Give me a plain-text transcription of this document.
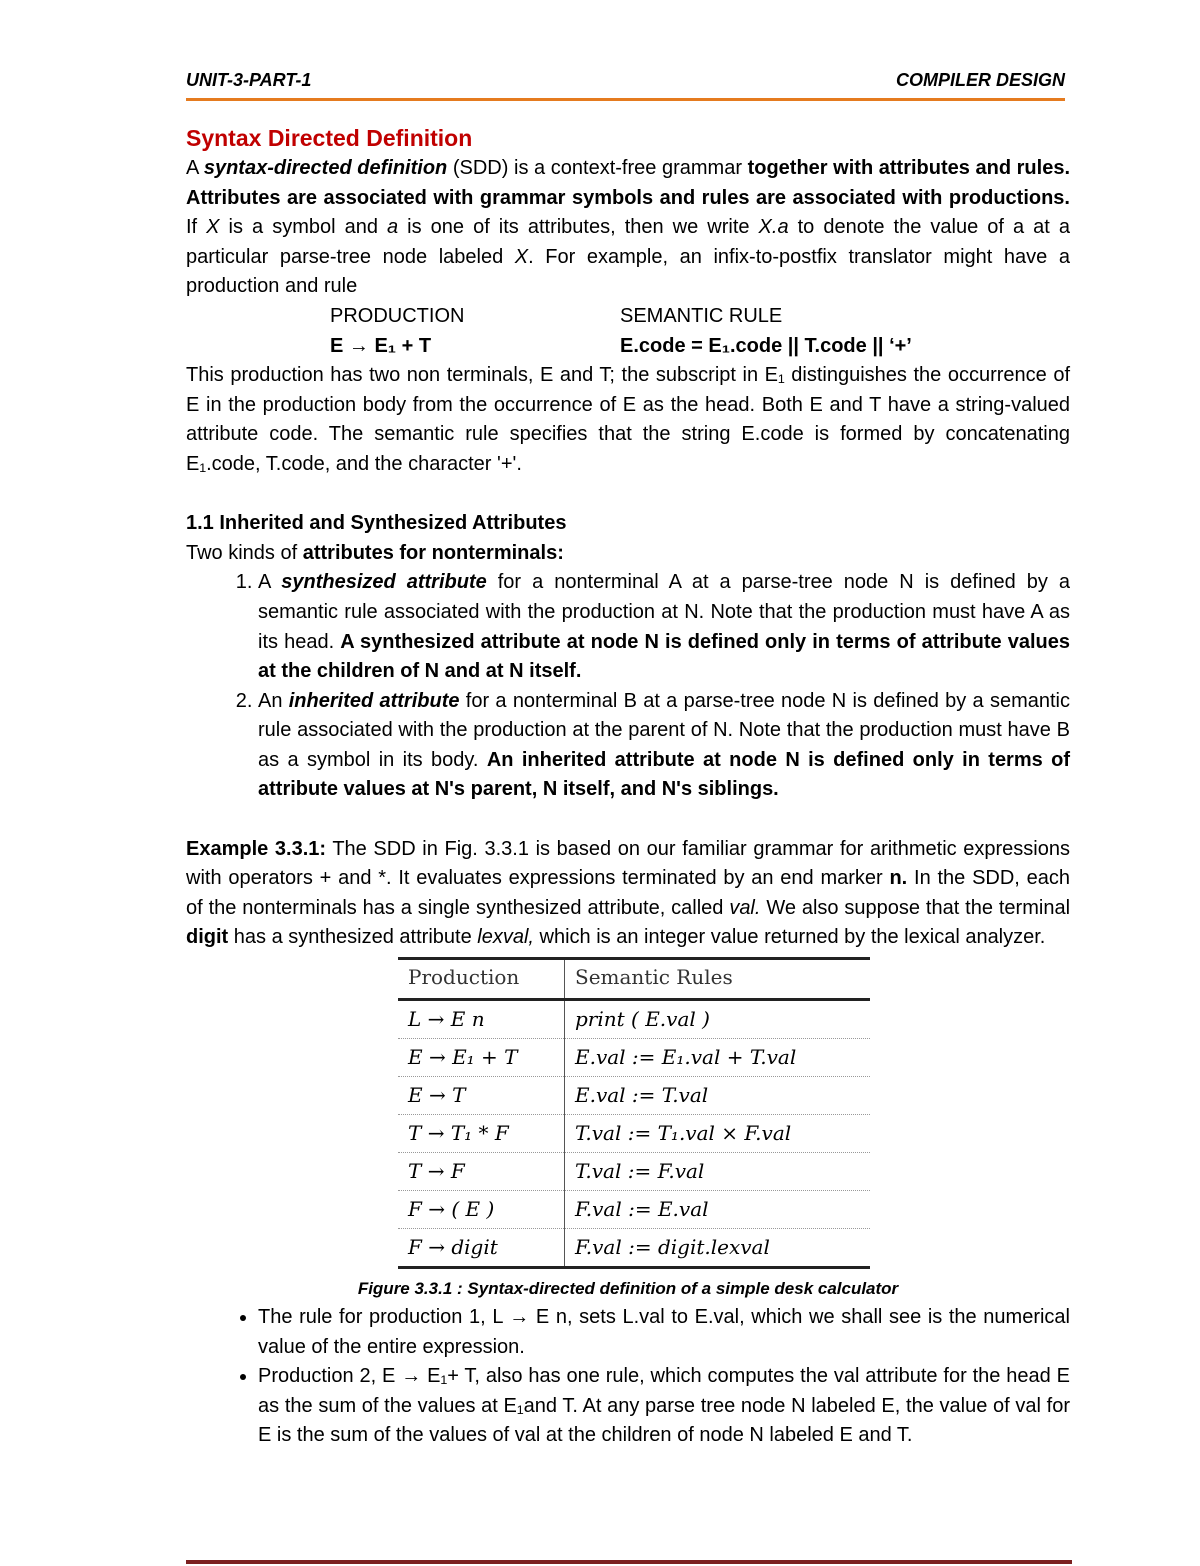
UNIT-3-PART-1	COMPILER DESIGN
Syntax Directed Definition

A syntax-directed definition (SDD) is a context-free grammar together with attributes and rules. Attributes are associated with grammar symbols and rules are associated with productions. If X is a symbol and a is one of its attributes, then we write X.a to denote the value of a at a particular parse-tree node labeled X. For example, an infix-to-postfix translator might have a production and rule

PRODUCTION	SEMANTIC RULE
E → E₁ + T	E.code = E₁.code || T.code || ‘+’

This production has two non terminals, E and T; the subscript in E₁ distinguishes the occurrence of E in the production body from the occurrence of E as the head. Both E and T have a string-valued attribute code. The semantic rule specifies that the string E.code is formed by concatenating E₁.code, T.code, and the character '+'.

1.1 Inherited and Synthesized Attributes

Two kinds of attributes for nonterminals:

1. A synthesized attribute for a nonterminal A at a parse-tree node N is defined by a semantic rule associated with the production at N. Note that the production must have A as its head. A synthesized attribute at node N is defined only in terms of attribute values at the children of N and at N itself.
2. An inherited attribute for a nonterminal B at a parse-tree node N is defined by a semantic rule associated with the production at the parent of N. Note that the production must have B as a symbol in its body. An inherited attribute at node N is defined only in terms of attribute values at N's parent, N itself, and N's siblings.

Example 3.3.1: The SDD in Fig. 3.3.1 is based on our familiar grammar for arithmetic expressions with operators + and *. It evaluates expressions terminated by an end marker n. In the SDD, each of the nonterminals has a single synthesized attribute, called val. We also suppose that the terminal digit has a synthesized attribute lexval, which is an integer value returned by the lexical analyzer.

Production	Semantic Rules
L → E n	print ( E.val )
E → E₁ + T	E.val := E₁.val + T.val
E → T	E.val := T.val
T → T₁ * F	T.val := T₁.val × F.val
T → F	T.val := F.val
F → ( E )	F.val := E.val
F → digit	F.val := digit.lexval
Figure 3.3.1 : Syntax-directed definition of a simple desk calculator
• The rule for production 1, L → E n, sets L.val to E.val, which we shall see is the numerical value of the entire expression.
• Production 2, E → E₁+ T, also has one rule, which computes the val attribute for the head E as the sum of the values at E₁and T. At any parse tree node N labeled E, the value of val for E is the sum of the values of val at the children of node N labeled E and T.
